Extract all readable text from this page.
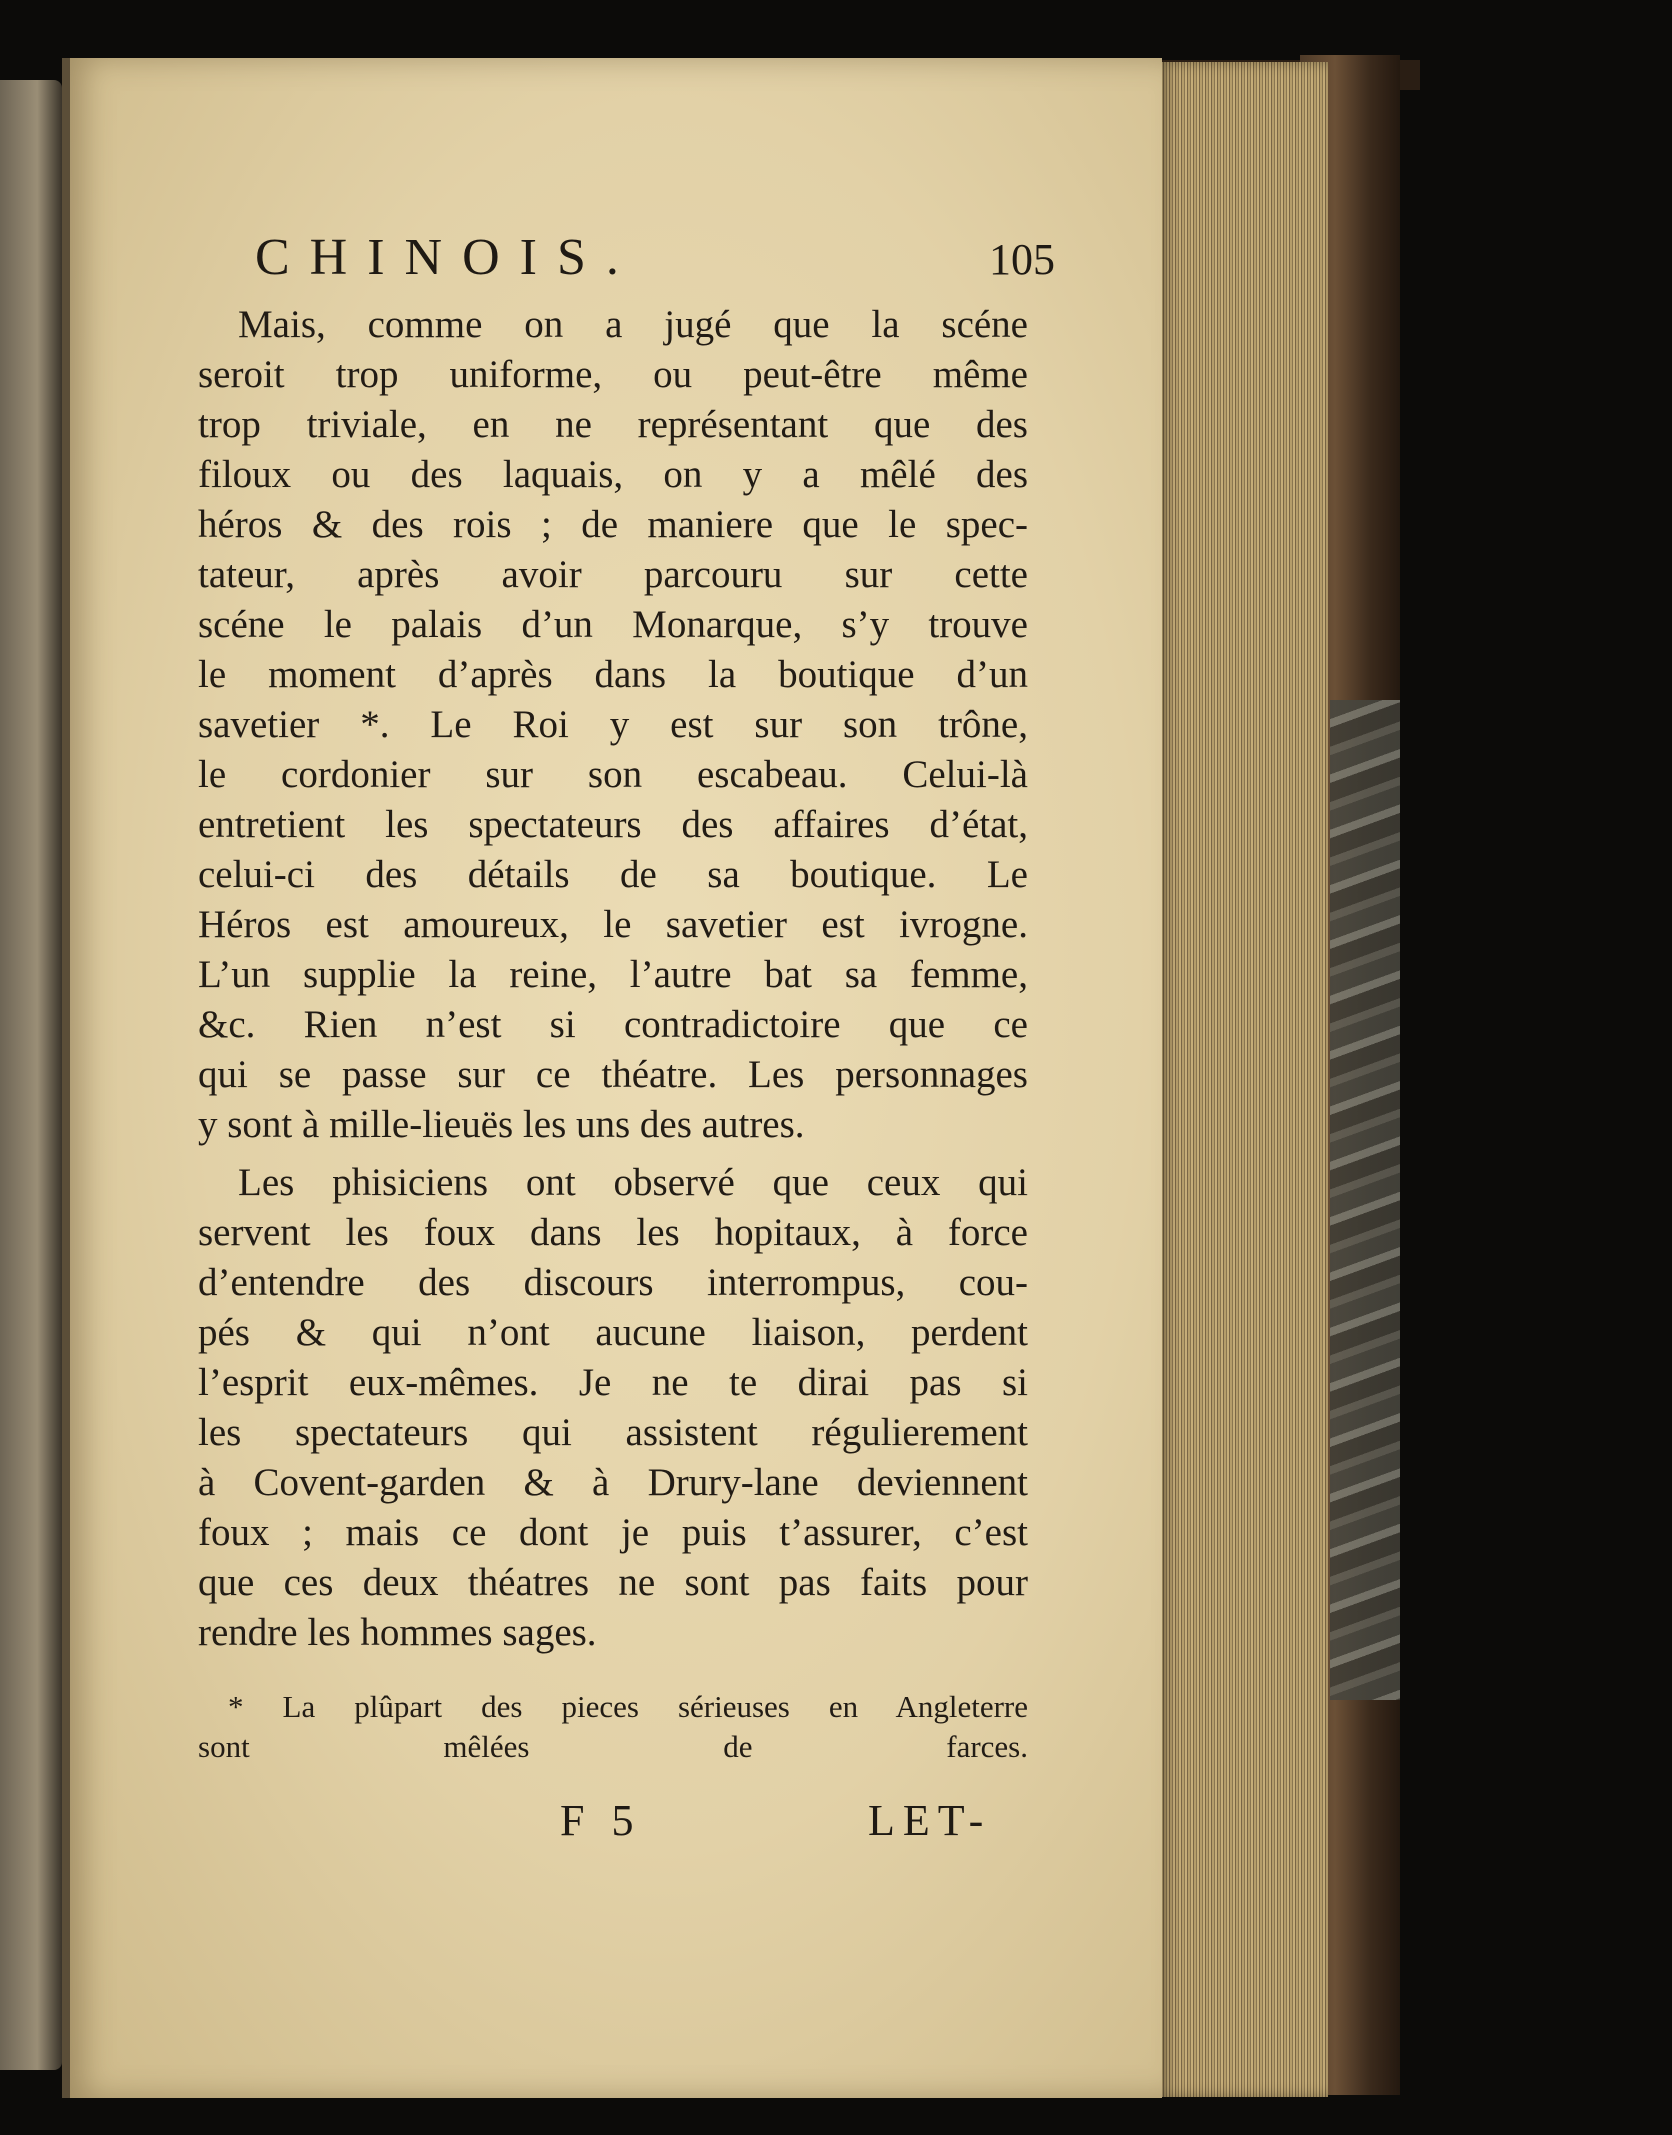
CHINOIS.	105
Mais, comme on a jugé que la scéne
seroit trop uniforme, ou peut-être même
trop triviale, en ne représentant que des
filoux ou des laquais, on y a mêlé des
héros & des rois ; de maniere que le spec-
tateur, après avoir parcouru sur cette
scéne le palais d’un Monarque, s’y trouve
le moment d’après dans la boutique d’un
savetier *. Le Roi y est sur son trône,
le cordonier sur son escabeau. Celui-là
entretient les spectateurs des affaires d’état,
celui-ci des détails de sa boutique. Le
Héros est amoureux, le savetier est ivrogne.
L’un supplie la reine, l’autre bat sa femme,
&c. Rien n’est si contradictoire que ce
qui se passe sur ce théatre. Les personnages
y sont à mille-lieuës les uns des autres.
Les phisiciens ont observé que ceux qui
servent les foux dans les hopitaux, à force
d’entendre des discours interrompus, cou-
pés & qui n’ont aucune liaison, perdent
l’esprit eux-mêmes. Je ne te dirai pas si
les spectateurs qui assistent régulierement
à Covent-garden & à Drury-lane deviennent
foux ; mais ce dont je puis t’assurer, c’est
que ces deux théatres ne sont pas faits pour
rendre les hommes sages.
* La plûpart des pieces sérieuses en Angleterre
sont mêlées de farces.
F 5	LET-
